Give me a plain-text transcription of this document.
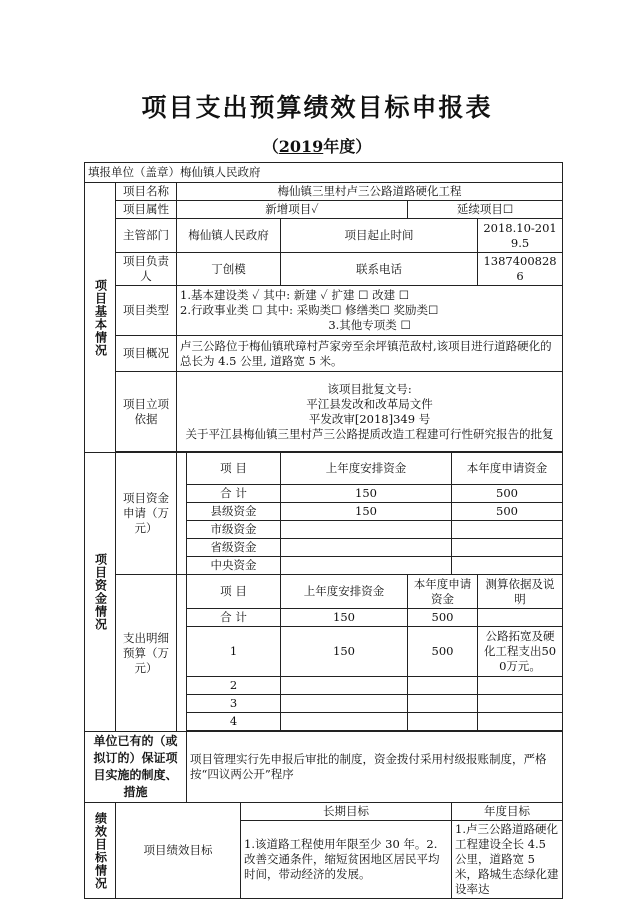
项目支出预算绩效目标申报表
（2019年度）
填报单位（盖章）梅仙镇人民政府								
项目基本情况	项目名称	梅仙镇三里村卢三公路道路硬化工程						
	项目属性	新增项目✓				延续项目☐		
	主管部门	梅仙镇人民政府			项目起止时间			2018.10-2019.5
	项目负责人	丁创模			联系电话			13874008286
	项目类型	1.基本建设类 ✓ 其中: 新建 ✓ 扩建 ☐ 改建 ☐
2.行政事业类 ☐ 其中: 采购类☐ 修缮类☐ 奖励类☐
3.其他专项类 ☐						

	项目概况	卢三公路位于梅仙镇玳璋村芦家旁至余坪镇范敌村,该项目进行道路硬化的总长为 4.5 公里, 道路宽 5 米。						
	项目立项依据	该项目批复文号:
平江县发改和改革局文件
平发改审[2018]349 号
关于平江县梅仙镇三里村芦三公路提质改造工程建可行性研究报告的批复						

项目资金情况	项目资金申请（万元）		项 目		上年度安排资金		本年度申请资金	
			合 计		150		500	
			县级资金		150		500	
			市级资金					
			省级资金					
			中央资金					
	支出明细预算（万元）		项 目		上年度安排资金	本年度申请资金		测算依据及说明
			合 计		150	500		
			1		150	500		公路拓宽及硬化工程支出500万元。
			2					
			3					
			4					

单位已有的（或拟订的）保证项目实施的制度、措施			项目管理实行先申报后审批的制度，资金拨付采用村级报账制度，严格按“四议两公开”程序					
绩效目标情况	项目绩效目标			长期目标			年度目标	
				1.该道路工程使用年限至少 30 年。2.改善交通条件，缩短贫困地区居民平均时间，带动经济的发展。			1.卢三公路道路硬化工程建设全长 4.5 公里，道路宽 5 米，路城生态绿化建设率达	
